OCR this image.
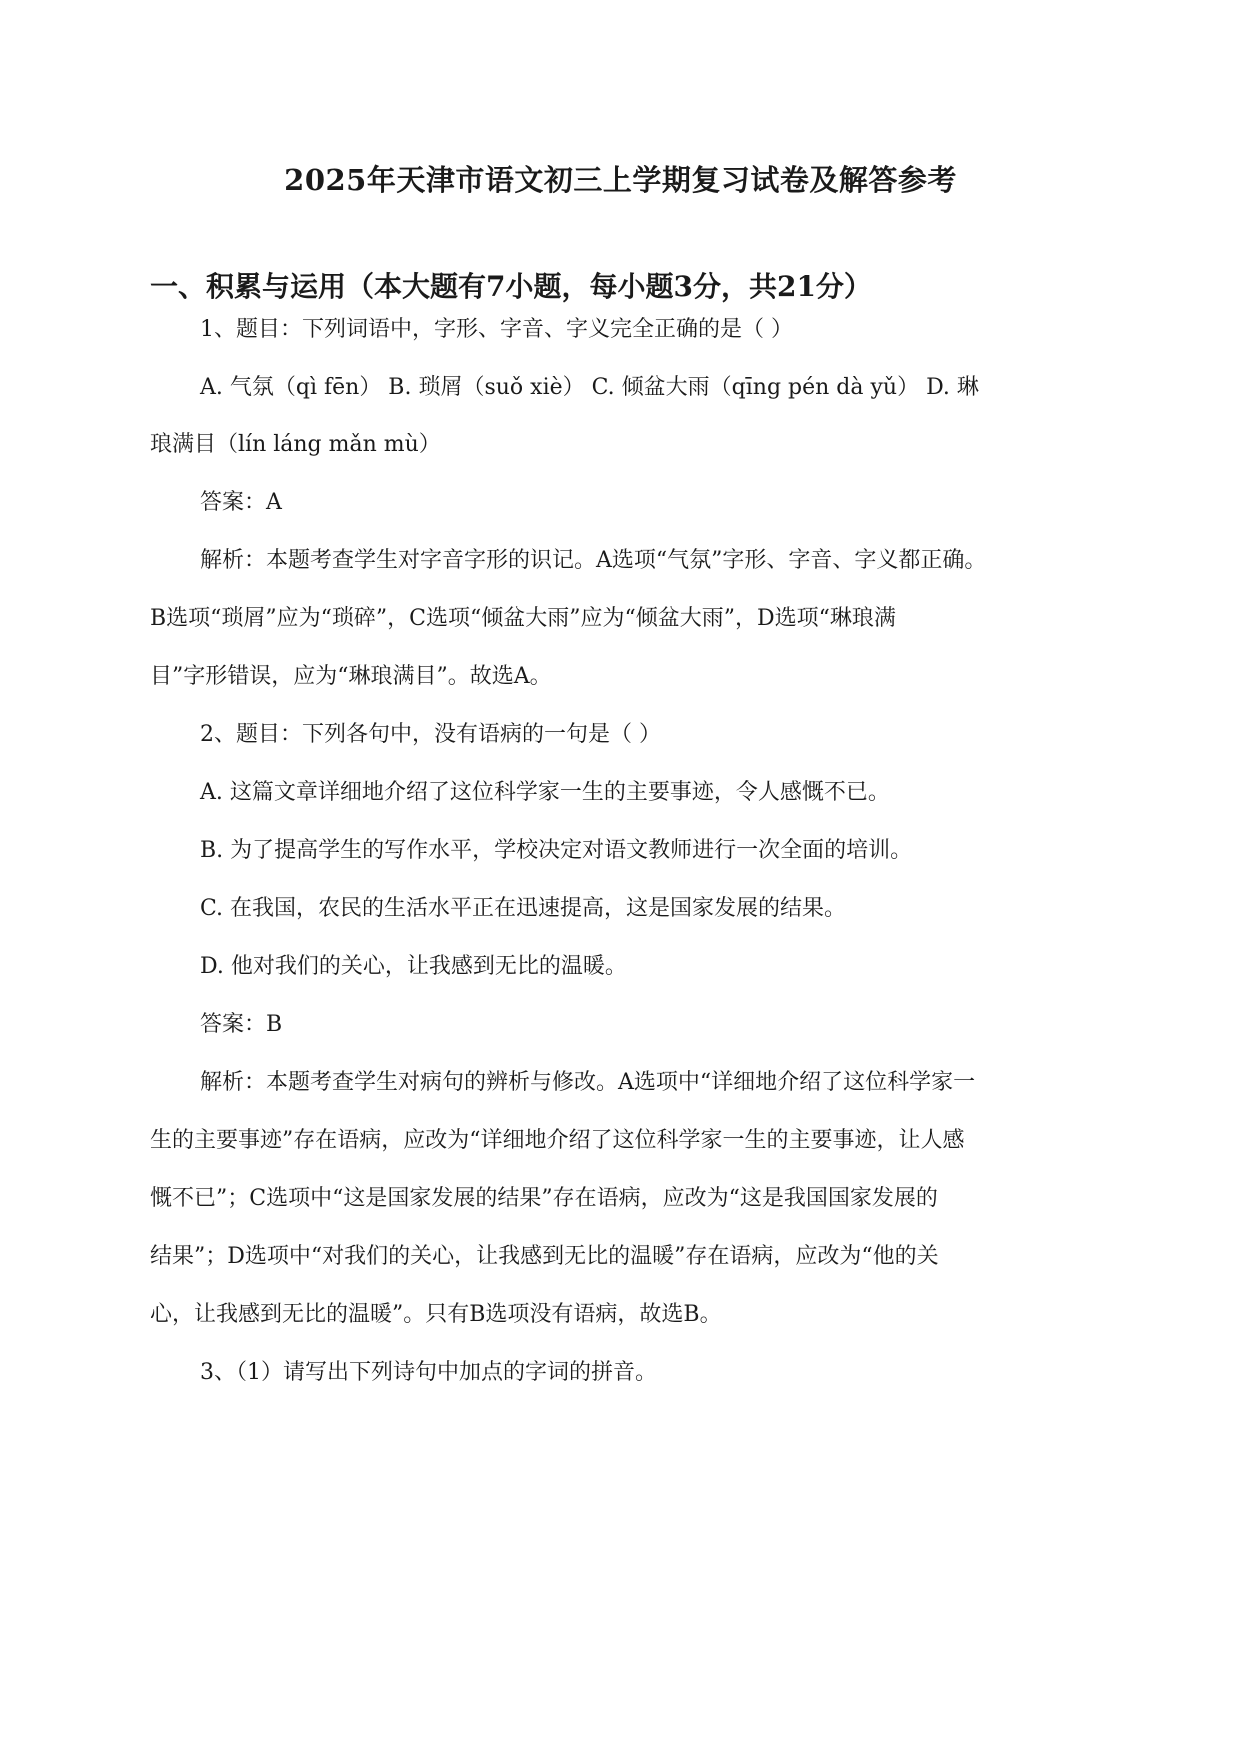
2025年天津市语文初三上学期复习试卷及解答参考
一、积累与运用（本大题有7小题，每小题3分，共21分）
1、题目：下列词语中，字形、字音、字义完全正确的是（ ）
A. 气氛（qì fēn） B. 琐屑（suǒ xiè） C. 倾盆大雨（qīng pén dà yǔ） D. 琳
琅满目（lín láng mǎn mù）
答案：A
解析：本题考查学生对字音字形的识记。A选项“气氛”字形、字音、字义都正确。
B选项“琐屑”应为“琐碎”，C选项“倾盆大雨”应为“倾盆大雨”，D选项“琳琅满
目”字形错误，应为“琳琅满目”。故选A。
2、题目：下列各句中，没有语病的一句是（ ）
A. 这篇文章详细地介绍了这位科学家一生的主要事迹，令人感慨不已。
B. 为了提高学生的写作水平，学校决定对语文教师进行一次全面的培训。
C. 在我国，农民的生活水平正在迅速提高，这是国家发展的结果。
D. 他对我们的关心，让我感到无比的温暖。
答案：B
解析：本题考查学生对病句的辨析与修改。A选项中“详细地介绍了这位科学家一
生的主要事迹”存在语病，应改为“详细地介绍了这位科学家一生的主要事迹，让人感
慨不已”；C选项中“这是国家发展的结果”存在语病，应改为“这是我国国家发展的
结果”；D选项中“对我们的关心，让我感到无比的温暖”存在语病，应改为“他的关
心，让我感到无比的温暖”。只有B选项没有语病，故选B。
3、（1）请写出下列诗句中加点的字词的拼音。
